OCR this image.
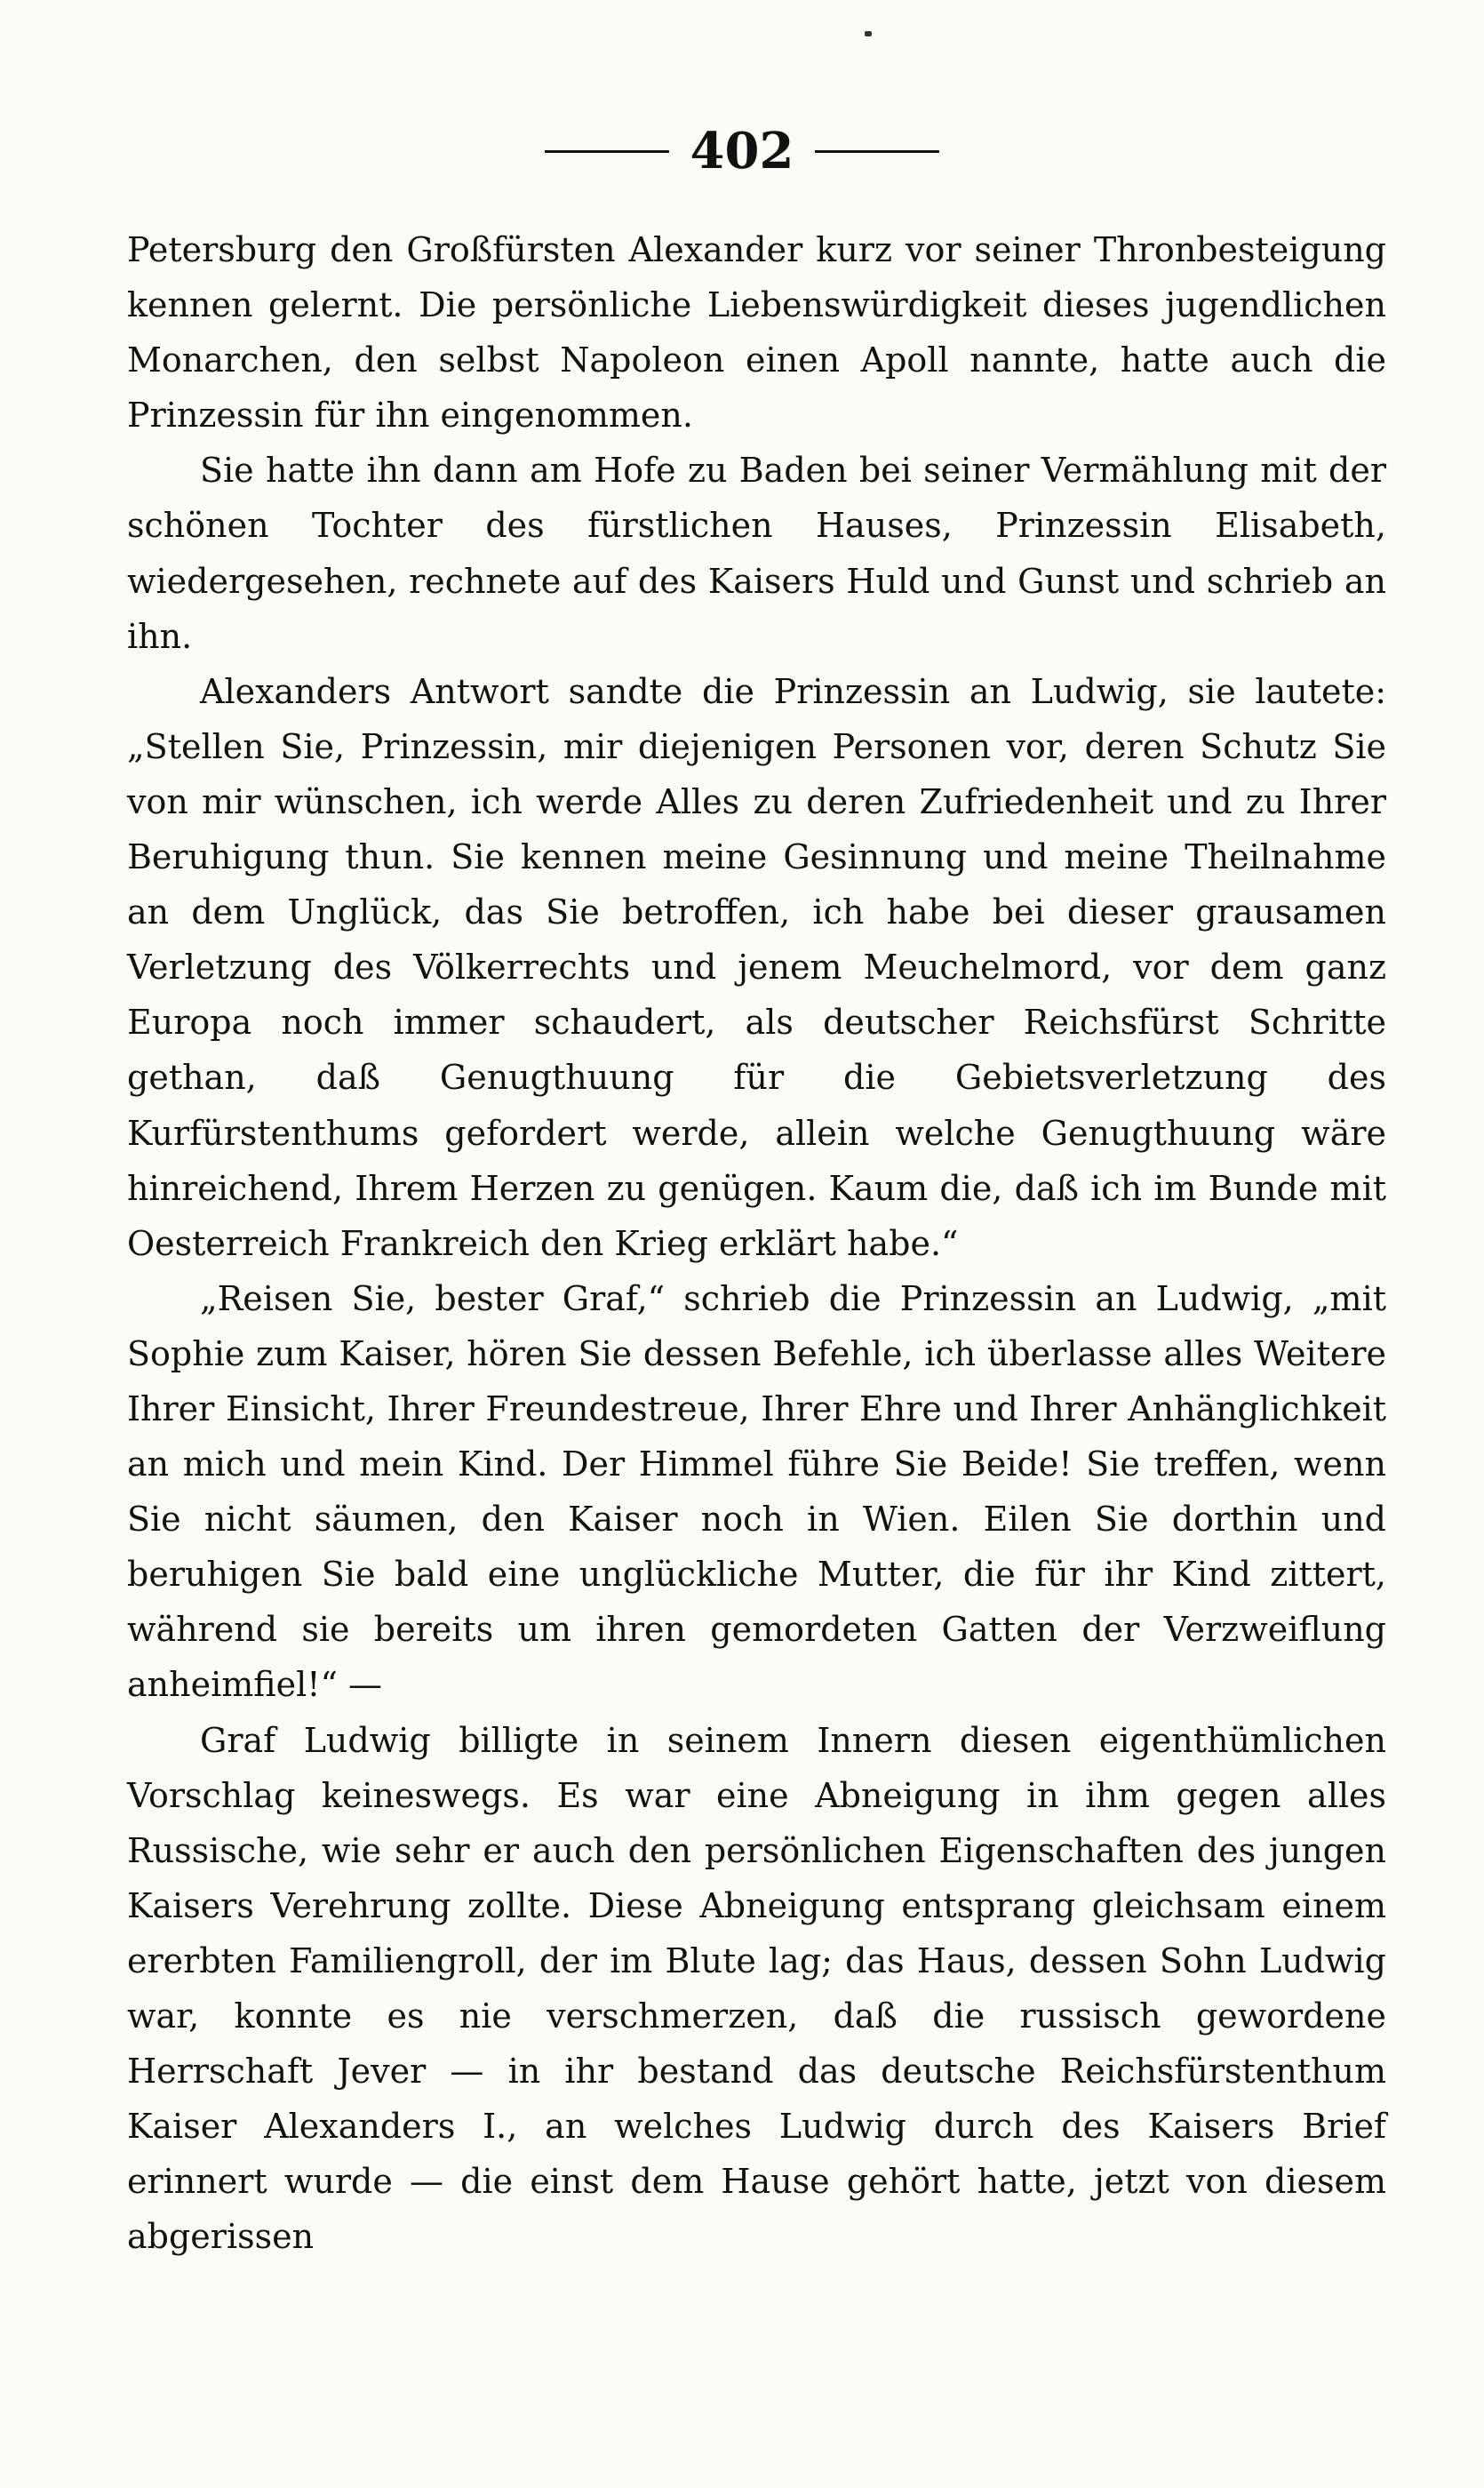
402

Petersburg den Großfürsten Alexander kurz vor seiner Thronbesteigung kennen gelernt. Die persönliche Liebenswürdigkeit dieses jugendlichen Monarchen, den selbst Napoleon einen Apoll nannte, hatte auch die Prinzessin für ihn eingenommen.

Sie hatte ihn dann am Hofe zu Baden bei seiner Vermählung mit der schönen Tochter des fürstlichen Hauses, Prinzessin Elisabeth, wiedergesehen, rechnete auf des Kaisers Huld und Gunst und schrieb an ihn.

Alexanders Antwort sandte die Prinzessin an Ludwig, sie lautete: „Stellen Sie, Prinzessin, mir diejenigen Personen vor, deren Schutz Sie von mir wünschen, ich werde Alles zu deren Zufriedenheit und zu Ihrer Beruhigung thun. Sie kennen meine Gesinnung und meine Theilnahme an dem Unglück, das Sie betroffen, ich habe bei dieser grausamen Verletzung des Völkerrechts und jenem Meuchelmord, vor dem ganz Europa noch immer schaudert, als deutscher Reichsfürst Schritte gethan, daß Genugthuung für die Gebietsverletzung des Kurfürstenthums gefordert werde, allein welche Genugthuung wäre hinreichend, Ihrem Herzen zu genügen. Kaum die, daß ich im Bunde mit Oesterreich Frankreich den Krieg erklärt habe.“

„Reisen Sie, bester Graf,“ schrieb die Prinzessin an Ludwig, „mit Sophie zum Kaiser, hören Sie dessen Befehle, ich überlasse alles Weitere Ihrer Einsicht, Ihrer Freundestreue, Ihrer Ehre und Ihrer Anhänglichkeit an mich und mein Kind. Der Himmel führe Sie Beide! Sie treffen, wenn Sie nicht säumen, den Kaiser noch in Wien. Eilen Sie dorthin und beruhigen Sie bald eine unglückliche Mutter, die für ihr Kind zittert, während sie bereits um ihren gemordeten Gatten der Verzweiflung anheimfiel!“ —

Graf Ludwig billigte in seinem Innern diesen eigenthümlichen Vorschlag keineswegs. Es war eine Abneigung in ihm gegen alles Russische, wie sehr er auch den persönlichen Eigenschaften des jungen Kaisers Verehrung zollte. Diese Abneigung entsprang gleichsam einem ererbten Familiengroll, der im Blute lag; das Haus, dessen Sohn Ludwig war, konnte es nie verschmerzen, daß die russisch gewordene Herrschaft Jever — in ihr bestand das deutsche Reichsfürstenthum Kaiser Alexanders I., an welches Ludwig durch des Kaisers Brief erinnert wurde — die einst dem Hause gehört hatte, jetzt von diesem abgerissen
